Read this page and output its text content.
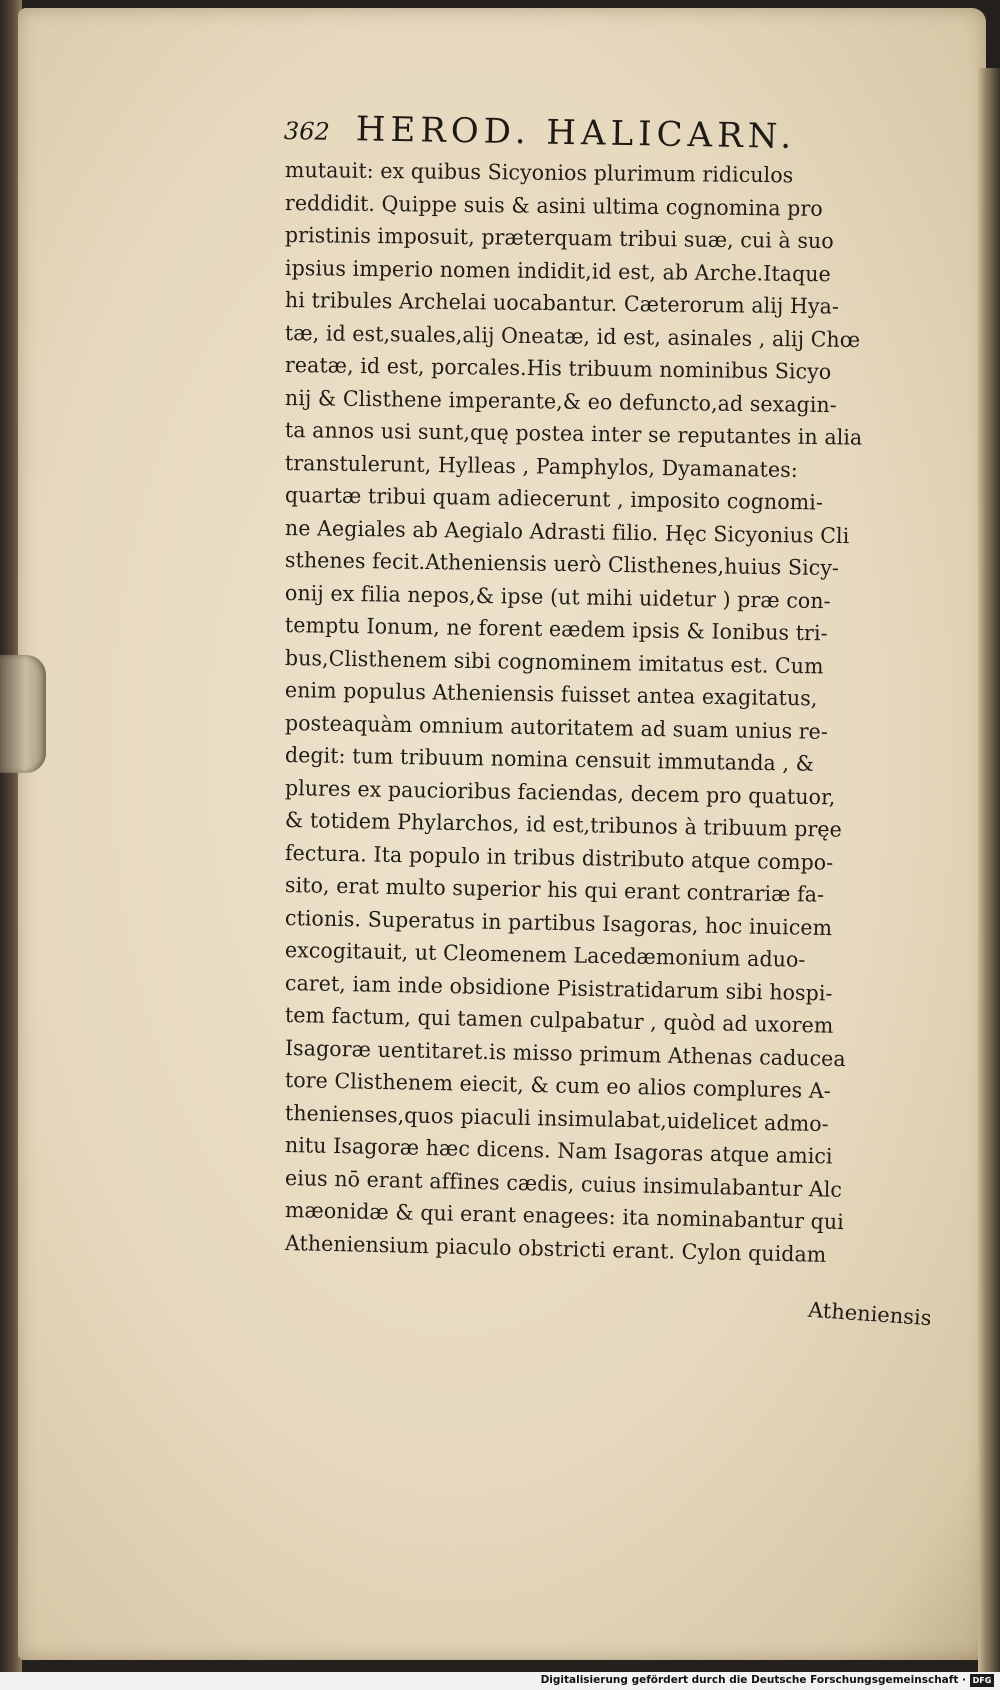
362 HEROD. HALICARN.
mutauit: ex quibus Sicyonios plurimum ridiculos
reddidit. Quippe suis & asini ultima cognomina pro
pristinis imposuit, præterquam tribui suæ, cui à suo
ipsius imperio nomen indidit,id est, ab Arche.Itaque
hi tribules Archelai uocabantur. Cæterorum alij Hya-
tæ, id est,suales,alij Oneatæ, id est, asinales , alij Chœ
reatæ, id est, porcales.His tribuum nominibus Sicyo
nij & Clisthene imperante,& eo defuncto,ad sexagin-
ta annos usi sunt,quę postea inter se reputantes in alia
transtulerunt, Hylleas , Pamphylos, Dyamanates:
quartæ tribui quam adiecerunt , imposito cognomi-
ne Aegiales ab Aegialo Adrasti filio. Hęc Sicyonius Cli
sthenes fecit.Atheniensis uerò Clisthenes,huius Sicy-
onij ex filia nepos,& ipse (ut mihi uidetur ) præ con-
temptu Ionum, ne forent eædem ipsis & Ionibus tri-
bus,Clisthenem sibi cognominem imitatus est. Cum
enim populus Atheniensis fuisset antea exagitatus,
posteaquàm omnium autoritatem ad suam unius re-
degit: tum tribuum nomina censuit immutanda , &
plures ex paucioribus faciendas, decem pro quatuor,
& totidem Phylarchos, id est,tribunos à tribuum pręe
fectura. Ita populo in tribus distributo atque compo-
sito, erat multo superior his qui erant contrariæ fa-
ctionis. Superatus in partibus Isagoras, hoc inuicem
excogitauit, ut Cleomenem Lacedæmonium aduo-
caret, iam inde obsidione Pisistratidarum sibi hospi-
tem factum, qui tamen culpabatur , quòd ad uxorem
Isagoræ uentitaret.is misso primum Athenas caducea
tore Clisthenem eiecit, & cum eo alios complures A-
thenienses,quos piaculi insimulabat,uidelicet admo-
nitu Isagoræ hæc dicens. Nam Isagoras atque amici
eius nō erant affines cædis, cuius insimulabantur Alc
mæonidæ & qui erant enagees: ita nominabantur qui
Atheniensium piaculo obstricti erant. Cylon quidam
Atheniensis
Digitalisierung gefördert durch die Deutsche Forschungsgemeinschaft · DFG
